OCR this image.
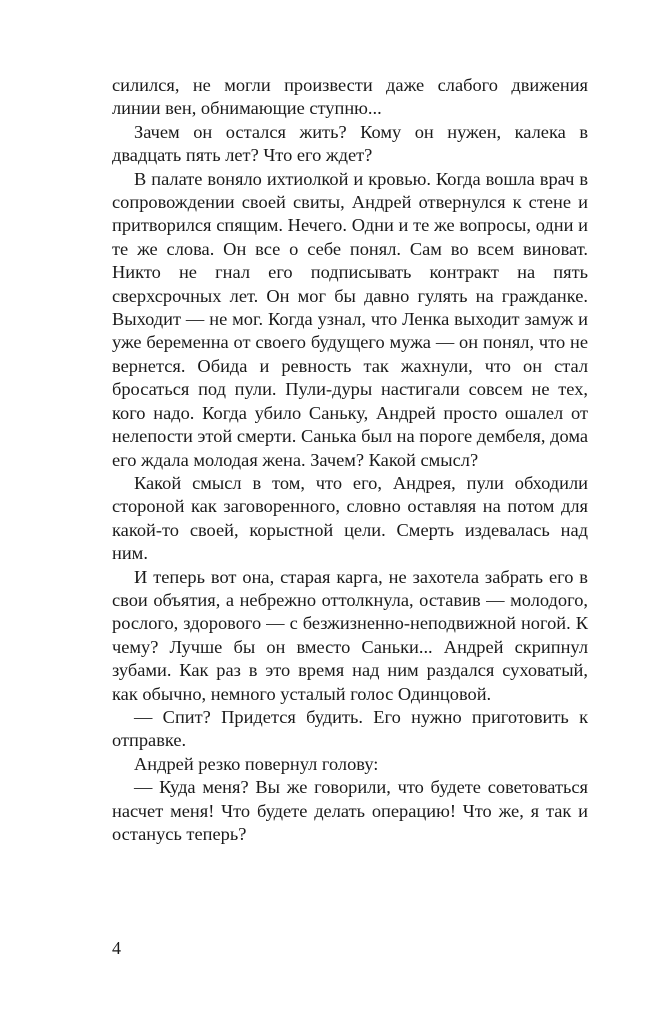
силился, не могли произвести даже слабого движения линии вен, обнимающие ступню...

Зачем он остался жить? Кому он нужен, калека в двадцать пять лет? Что его ждет?

В палате воняло ихтиолкой и кровью. Когда вошла врач в сопровождении своей свиты, Андрей отвернулся к стене и притворился спящим. Нечего. Одни и те же вопросы, одни и те же слова. Он все о себе понял. Сам во всем виноват. Никто не гнал его подписывать контракт на пять сверхсрочных лет. Он мог бы давно гулять на гражданке. Выходит — не мог. Когда узнал, что Ленка выходит замуж и уже беременна от своего будущего мужа — он понял, что не вернется. Обида и ревность так жахнули, что он стал бросаться под пули. Пули-дуры настигали совсем не тех, кого надо. Когда убило Саньку, Андрей просто ошалел от нелепости этой смерти. Санька был на пороге дембеля, дома его ждала молодая жена. Зачем? Какой смысл?

Какой смысл в том, что его, Андрея, пули обходили стороной как заговоренного, словно оставляя на потом для какой-то своей, корыстной цели. Смерть издевалась над ним.

И теперь вот она, старая карга, не захотела забрать его в свои объятия, а небрежно оттолкнула, оставив — молодого, рослого, здорового — с безжизненно-неподвижной ногой. К чему? Лучше бы он вместо Саньки... Андрей скрипнул зубами. Как раз в это время над ним раздался суховатый, как обычно, немного усталый голос Одинцовой.

— Спит? Придется будить. Его нужно приготовить к отправке.

Андрей резко повернул голову:

— Куда меня? Вы же говорили, что будете советоваться насчет меня! Что будете делать операцию! Что же, я так и останусь теперь?

4
